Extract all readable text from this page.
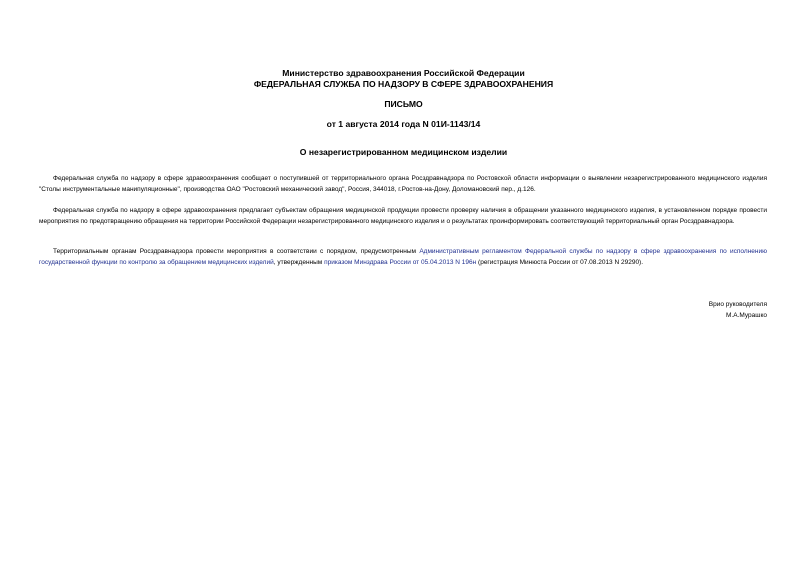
Министерство здравоохранения Российской Федерации
ФЕДЕРАЛЬНАЯ СЛУЖБА ПО НАДЗОРУ В СФЕРЕ ЗДРАВООХРАНЕНИЯ
ПИСЬМО
от 1 августа 2014 года N 01И-1143/14
О незарегистрированном медицинском изделии
Федеральная служба по надзору в сфере здравоохранения сообщает о поступившей от территориального органа Росздравнадзора по Ростовской области информации о выявлении незарегистрированного медицинского изделия "Столы инструментальные манипуляционные", производства ОАО "Ростовский механический завод", Россия, 344018, г.Ростов-на-Дону, Доломановский пер., д.126.
Федеральная служба по надзору в сфере здравоохранения предлагает субъектам обращения медицинской продукции провести проверку наличия в обращении указанного медицинского изделия, в установленном порядке провести мероприятия по предотвращению обращения на территории Российской Федерации незарегистрированного медицинского изделия и о результатах проинформировать соответствующий территориальный орган Росздравнадзора.
Территориальным органам Росздравнадзора провести мероприятия в соответствии с порядком, предусмотренным Административным регламентом Федеральной службы по надзору в сфере здравоохранения по исполнению государственной функции по контролю за обращением медицинских изделий, утвержденным приказом Минздрава России от 05.04.2013 N 196н (регистрация Минюста России от 07.08.2013 N 29290).
Врио руководителя
М.А.Мурашко
